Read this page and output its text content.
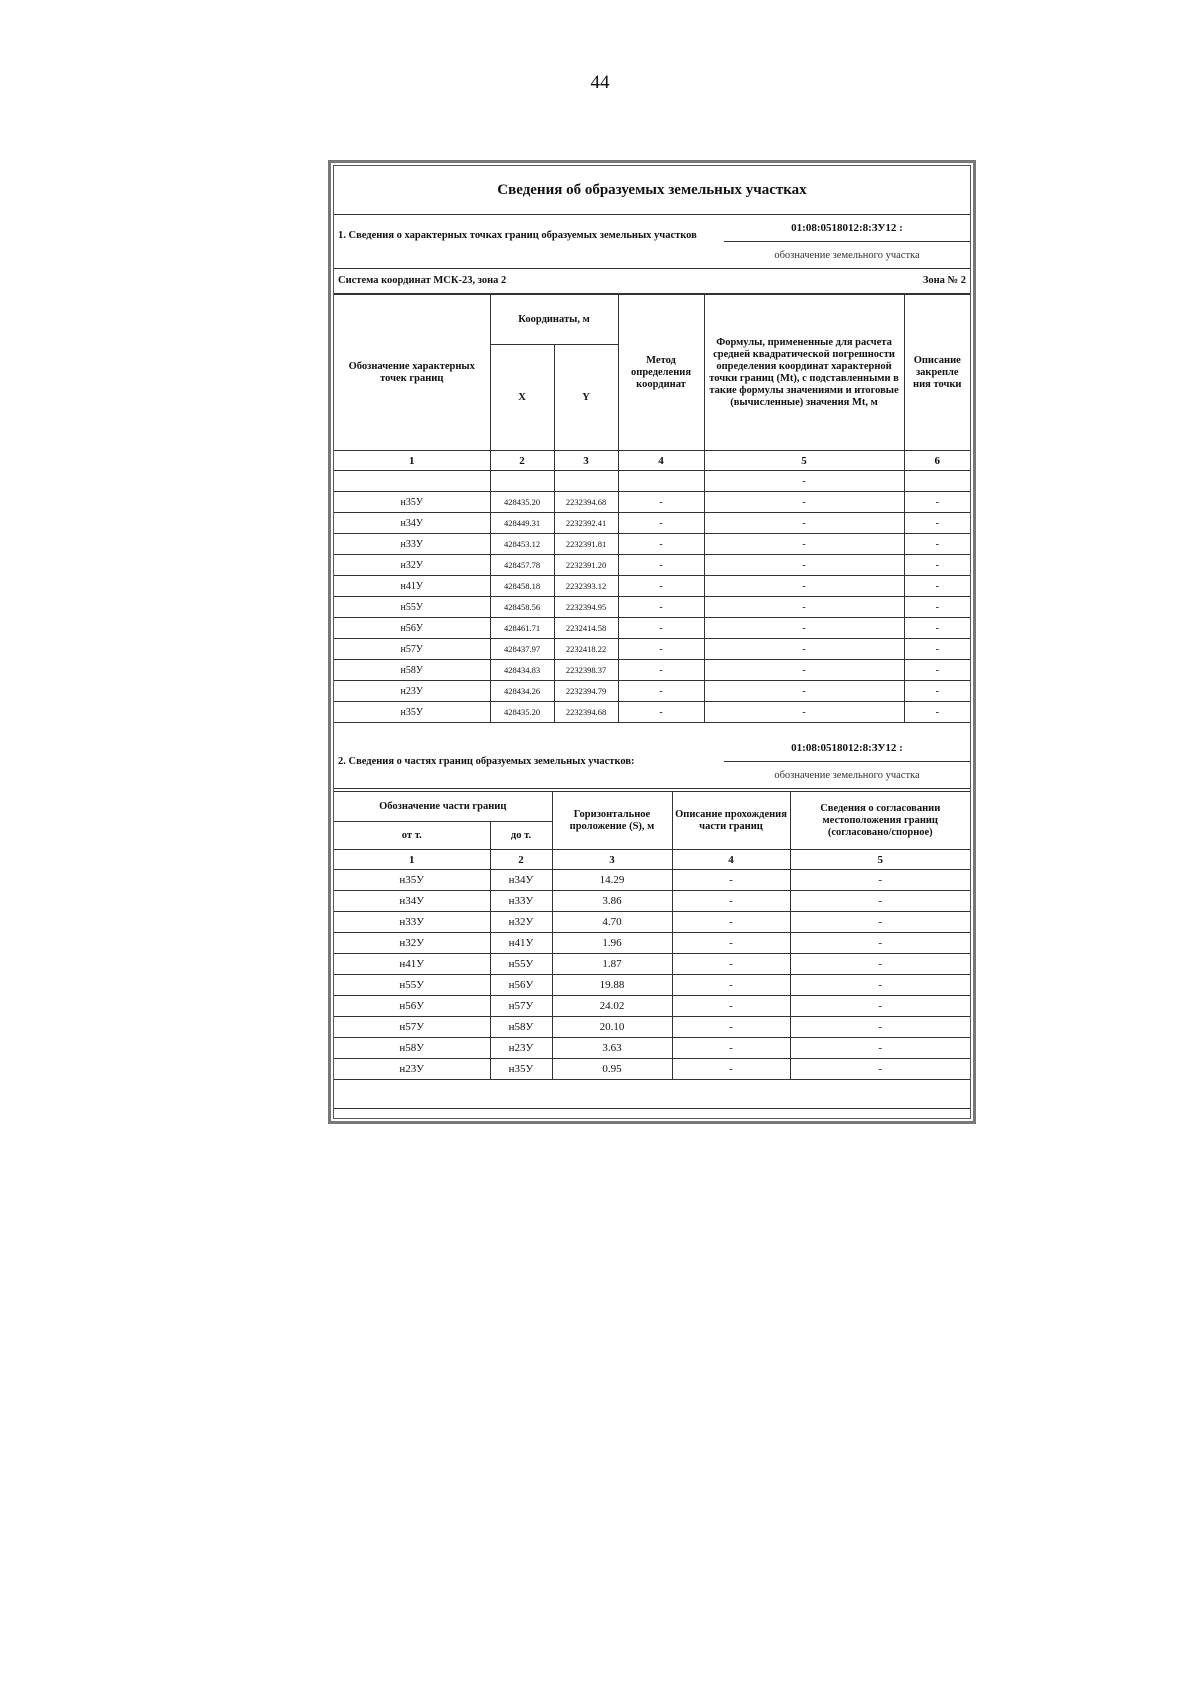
44
Сведения об образуемых земельных участках
1. Сведения о характерных точках границ образуемых земельных участков
01:08:0518012:8:ЗУ12 :
обозначение земельного участка
Система координат МСК-23, зона 2	Зона № 2
Обозначение характерных точек границ	Координаты, м		Метод определения координат	Формулы, примененные для расчета средней квадратической погрешности определения координат характерной точки границ (Mt), с подставленными в такие формулы значениями и итоговые (вычисленные) значения Mt, м	Описание закрепле ния точки
	X	Y			
1	2	3	4	5	6
				-	
н35У	428435.20	2232394.68	-	-	-
н34У	428449.31	2232392.41	-	-	-
н33У	428453.12	2232391.81	-	-	-
н32У	428457.78	2232391.20	-	-	-
н41У	428458.18	2232393.12	-	-	-
н55У	428458.56	2232394.95	-	-	-
н56У	428461.71	2232414.58	-	-	-
н57У	428437.97	2232418.22	-	-	-
н58У	428434.83	2232398.37	-	-	-
н23У	428434.26	2232394.79	-	-	-
н35У	428435.20	2232394.68	-	-	-
2. Сведения о частях границ образуемых земельных участков:
01:08:0518012:8:ЗУ12 :
обозначение земельного участка
Обозначение части границ		Горизонтальное проложение (S), м	Описание прохождения части границ	Сведения о согласовании местоположения границ (согласовано/спорное)
от т.	до т.			
1	2	3	4	5
н35У	н34У	14.29	-	-
н34У	н33У	3.86	-	-
н33У	н32У	4.70	-	-
н32У	н41У	1.96	-	-
н41У	н55У	1.87	-	-
н55У	н56У	19.88	-	-
н56У	н57У	24.02	-	-
н57У	н58У	20.10	-	-
н58У	н23У	3.63	-	-
н23У	н35У	0.95	-	-
